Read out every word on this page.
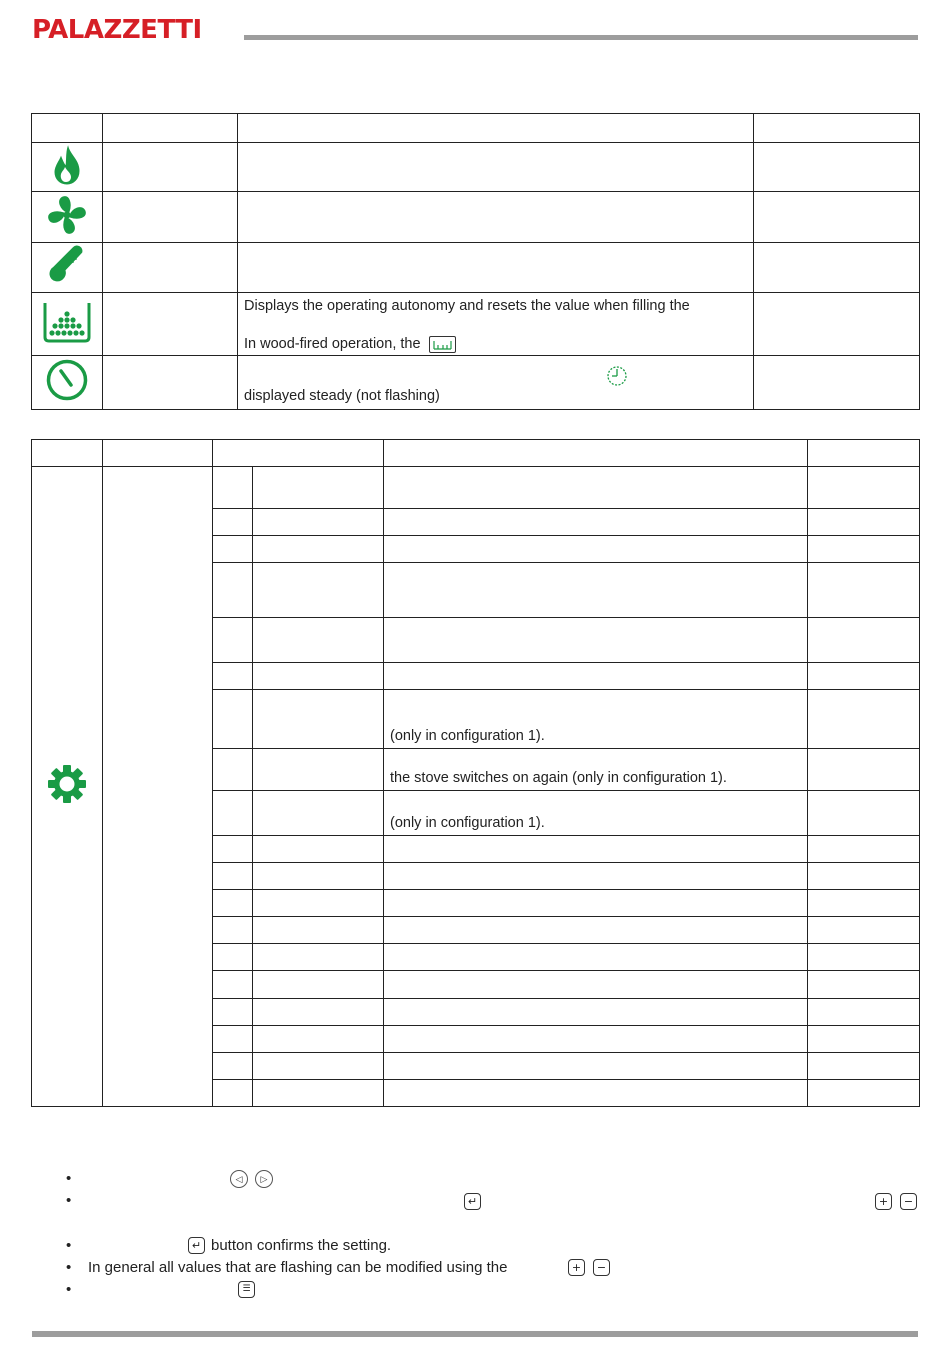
PALAZZETTI

Displays the operating autonomy and resets the value when filling the
In wood-fired operation, the	

displayed steady (not flashing)	

				(only in configuration 1).	
				the stove switches on again (only in configuration 1).	
				(only in configuration 1).	

•	◁	▷
•	↵	+	−
•	↵ button confirms the setting.
• In general all values that are flashing can be modified using the	+	−
•	☰
